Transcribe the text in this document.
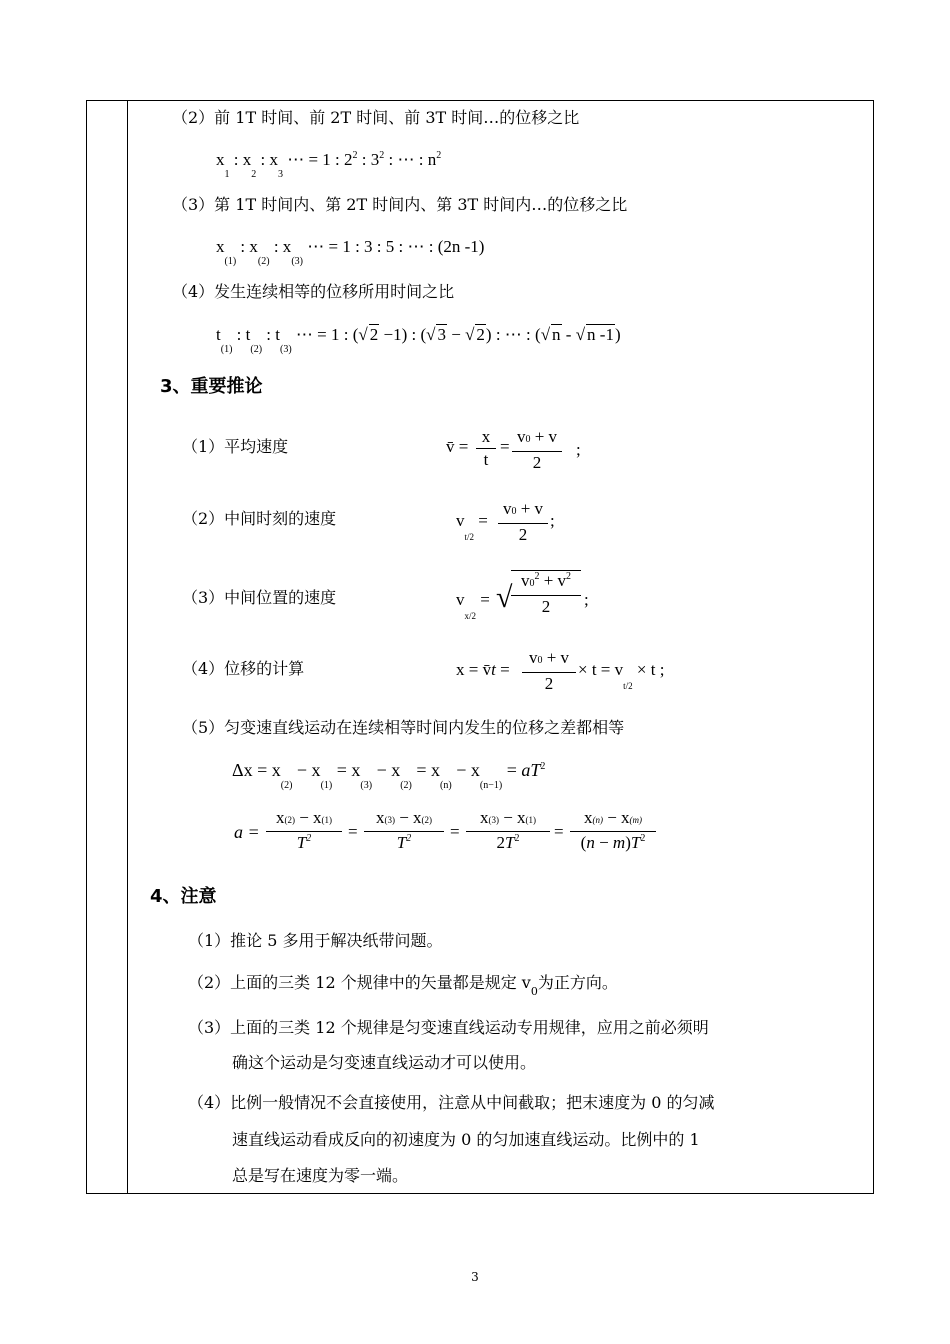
（2）前 1T 时间、前 2T 时间、前 3T 时间…的位移之比
$x_1$ : $x_2$ : $x_3$ ⋯ = 1 : $2^2$ : $3^2$ : ⋯ : $n^2$
（3）第 1T 时间内、第 2T 时间内、第 3T 时间内…的位移之比
$x_{(1)}$ : $x_{(2)}$ : $x_{(3)}$ ⋯ = 1 : 3 : 5 : ⋯ : (2n -1)
（4）发生连续相等的位移所用时间之比
$t_{(1)}$ : $t_{(2)}$ : $t_{(3)}$ ⋯ = 1 : (√ 2 −1) : (√ 3 − √ 2) : ⋯ : (√ n - √ n -1)
3、重要推论
（1）平均速度	v̄ = $\frac{x}{t} = \frac{v0 + v}{2}$ ;
（2）中间时刻的速度	$v_{t/2} = \frac{v0 + v}{2}$ ;
（3）中间位置的速度	$v_{x/2}$ = √
$\frac{v0^2 + v^2}{2}$ ;
（4）位移的计算	x = v̄t = $\frac{v0 + v}{2} \times t = v_{t/2} \times t$ ;
（5）匀变速直线运动在连续相等时间内发生的位移之差都相等
$\Delta x = x_{(2)} - x_{(1)} = x_{(3)} - x_{(2)} = x_{(n)} - x_{(n-1)} = aT^2$
$a = \frac{x(2) - x(1)}{T^2} = \frac{x(3) - x(2)}{T^2} = \frac{x(3) - x(1)}{2T^2} = \frac{x(n) - x(m)}{(n - m)T^2}$
4、注意
（1）推论 5 多用于解决纸带问题。
（2）上面的三类 12 个规律中的矢量都是规定 $v_0$为正方向。
（3）上面的三类 12 个规律是匀变速直线运动专用规律，应用之前必须明
确这个运动是匀变速直线运动才可以使用。
（4）比例一般情况不会直接使用，注意从中间截取；把末速度为 0 的匀减
速直线运动看成反向的初速度为 0 的匀加速直线运动。比例中的 1
总是写在速度为零一端。
3
